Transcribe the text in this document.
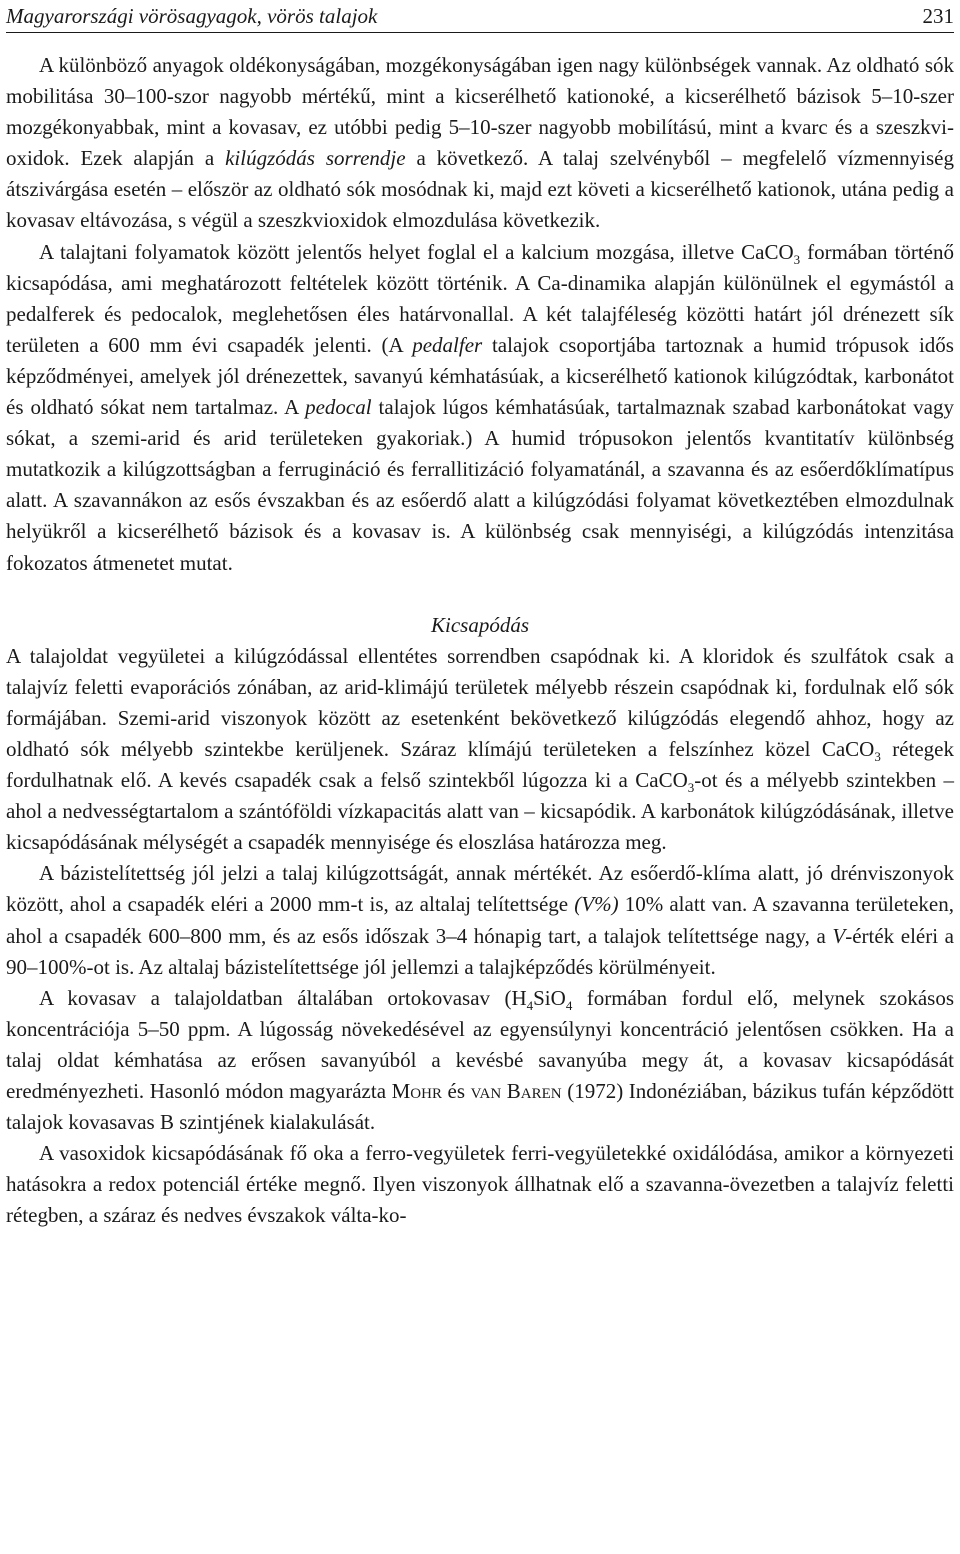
Magyarországi vörösagyagok, vörös talajok	231

A különböző anyagok oldékonyságában, mozgékonyságában igen nagy különbségek vannak. Az oldható sók mobilitása 30–100-szor nagyobb mértékű, mint a kicserélhető kationoké, a kicserélhető bázisok 5–10-szer mozgékonyabbak, mint a kovasav, ez utóbbi pedig 5–10-szer nagyobb mobilítású, mint a kvarc és a szeszkvi-oxidok. Ezek alapján a kilúgzódás sorrendje a következő. A talaj szelvényből – megfelelő vízmennyiség átszivárgása esetén – először az oldható sók mosódnak ki, majd ezt követi a kicserélhető kationok, utána pedig a kovasav eltávozása, s végül a szeszkvioxidok elmozdulása következik.

A talajtani folyamatok között jelentős helyet foglal el a kalcium mozgása, illetve CaCO$_3$ formában történő kicsapódása, ami meghatározott feltételek között történik. A Ca-dinamika alapján különülnek el egymástól a pedalferek és pedocalok, meglehetősen éles határvonallal. A két talajféleség közötti határt jól drénezett sík területen a 600 mm évi csapadék jelenti. (A pedalfer talajok csoportjába tartoznak a humid trópusok idős képződményei, amelyek jól drénezettek, savanyú kémhatásúak, a kicserélhető kationok kilúgzódtak, karbonátot és oldható sókat nem tartalmaz. A pedocal talajok lúgos kémhatásúak, tartalmaznak szabad karbonátokat vagy sókat, a szemi-arid és arid területeken gyakoriak.) A humid trópusokon jelentős kvantitatív különbség mutatkozik a kilúgzottságban a ferrugináció és ferrallitizáció folyamatánál, a szavanna és az esőerdőklímatípus alatt. A szavannákon az esős évszakban és az esőerdő alatt a kilúgzódási folyamat következtében elmozdulnak helyükről a kicserélhető bázisok és a kovasav is. A különbség csak mennyiségi, a kilúgzódás intenzitása fokozatos átmenetet mutat.

Kicsapódás

A talajoldat vegyületei a kilúgzódással ellentétes sorrendben csapódnak ki. A kloridok és szulfátok csak a talajvíz feletti evaporációs zónában, az arid-klimájú területek mélyebb részein csapódnak ki, fordulnak elő sók formájában. Szemi-arid viszonyok között az esetenként bekövetkező kilúgzódás elegendő ahhoz, hogy az oldható sók mélyebb szintekbe kerüljenek. Száraz klímájú területeken a felszínhez közel CaCO$_3$ rétegek fordulhatnak elő. A kevés csapadék csak a felső szintekből lúgozza ki a CaCO$_3$-ot és a mélyebb szintekben – ahol a nedvességtartalom a szántóföldi vízkapacitás alatt van – kicsapódik. A karbonátok kilúgzódásának, illetve kicsapódásának mélységét a csapadék mennyisége és eloszlása határozza meg.

A bázistelítettség jól jelzi a talaj kilúgzottságát, annak mértékét. Az esőerdő-klíma alatt, jó drénviszonyok között, ahol a csapadék eléri a 2000 mm-t is, az altalaj telítettsége (V%) 10% alatt van. A szavanna területeken, ahol a csapadék 600–800 mm, és az esős időszak 3–4 hónapig tart, a talajok telítettsége nagy, a V-érték eléri a 90–100%-ot is. Az altalaj bázistelítettsége jól jellemzi a talajképződés körülményeit.

A kovasav a talajoldatban általában ortokovasav ($H_4SiO_4$ formában fordul elő, melynek szokásos koncentrációja 5–50 ppm. A lúgosság növekedésével az egyensúlynyi koncentráció jelentősen csökken. Ha a talaj oldat kémhatása az erősen savanyúból a kevésbé savanyúba megy át, a kovasav kicsapódását eredményezheti. Hasonló módon magyarázta Mohr és van Baren (1972) Indonéziában, bázikus tufán képződött talajok kovasavas B szintjének kialakulását.

A vasoxidok kicsapódásának fő oka a ferro-vegyületek ferri-vegyületekké oxidálódása, amikor a környezeti hatásokra a redox potenciál értéke megnő. Ilyen viszonyok állhatnak elő a szavanna-övezetben a talajvíz feletti rétegben, a száraz és nedves évszakok válta-ko-
